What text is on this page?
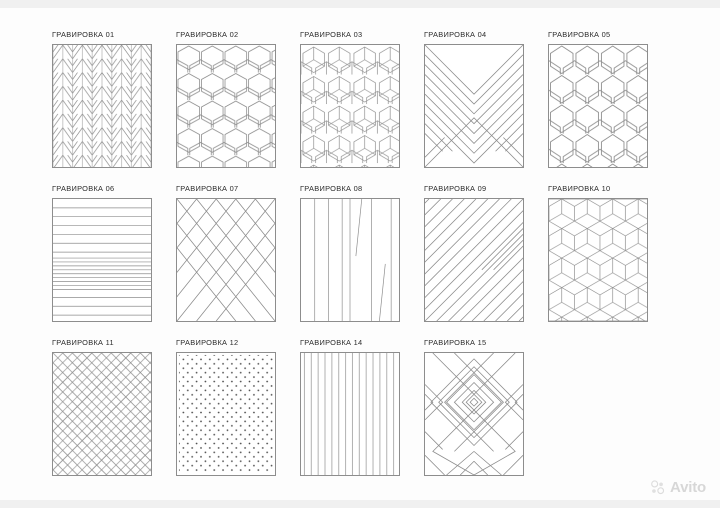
ГРАВИРОВКА 01	ГРАВИРОВКА 02	ГРАВИРОВКА 03	ГРАВИРОВКА 04	ГРАВИРОВКА 05
ГРАВИРОВКА 06	ГРАВИРОВКА 07	ГРАВИРОВКА 08	ГРАВИРОВКА 09	ГРАВИРОВКА 10
ГРАВИРОВКА 11	ГРАВИРОВКА 12	ГРАВИРОВКА 14	ГРАВИРОВКА 15
Avito
